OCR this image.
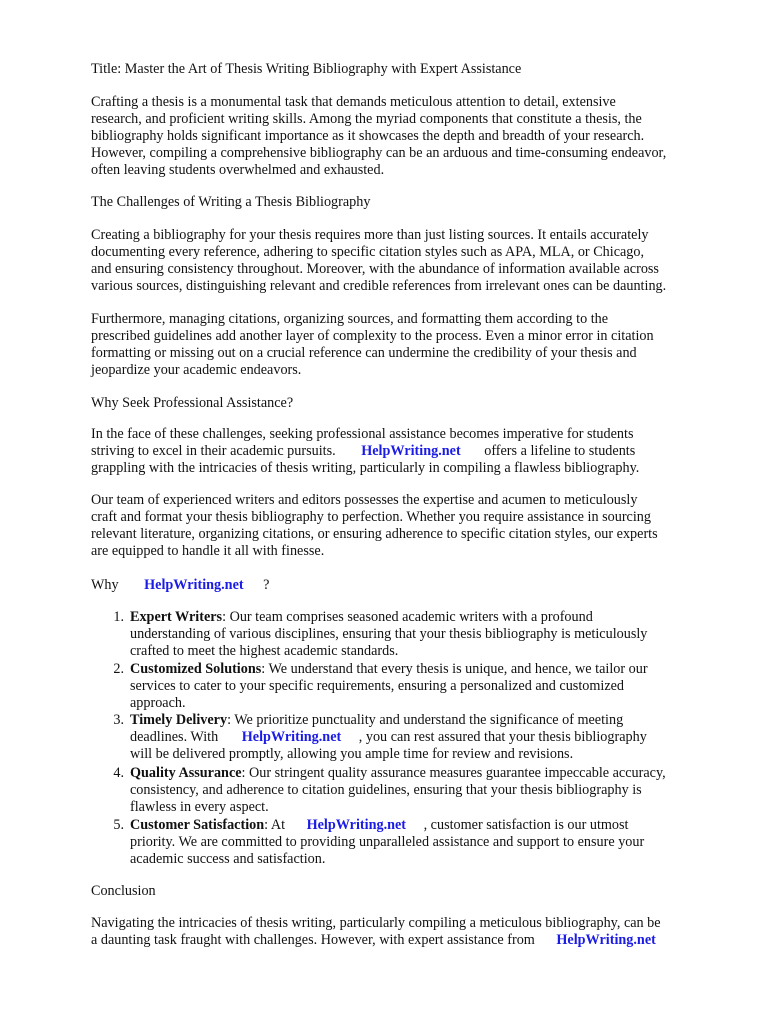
Title: Master the Art of Thesis Writing Bibliography with Expert Assistance
Crafting a thesis is a monumental task that demands meticulous attention to detail, extensive
research, and proficient writing skills. Among the myriad components that constitute a thesis, the
bibliography holds significant importance as it showcases the depth and breadth of your research.
However, compiling a comprehensive bibliography can be an arduous and time-consuming endeavor,
often leaving students overwhelmed and exhausted.
The Challenges of Writing a Thesis Bibliography
Creating a bibliography for your thesis requires more than just listing sources. It entails accurately
documenting every reference, adhering to specific citation styles such as APA, MLA, or Chicago,
and ensuring consistency throughout. Moreover, with the abundance of information available across
various sources, distinguishing relevant and credible references from irrelevant ones can be daunting.
Furthermore, managing citations, organizing sources, and formatting them according to the
prescribed guidelines add another layer of complexity to the process. Even a minor error in citation
formatting or missing out on a crucial reference can undermine the credibility of your thesis and
jeopardize your academic endeavors.
Why Seek Professional Assistance?
In the face of these challenges, seeking professional assistance becomes imperative for students
striving to excel in their academic pursuits. HelpWriting.net offers a lifeline to students
grappling with the intricacies of thesis writing, particularly in compiling a flawless bibliography.
Our team of experienced writers and editors possesses the expertise and acumen to meticulously
craft and format your thesis bibliography to perfection. Whether you require assistance in sourcing
relevant literature, organizing citations, or ensuring adherence to specific citation styles, our experts
are equipped to handle it all with finesse.
Why HelpWriting.net ?
1. Expert Writers: Our team comprises seasoned academic writers with a profound
understanding of various disciplines, ensuring that your thesis bibliography is meticulously
crafted to meet the highest academic standards.
2. Customized Solutions: We understand that every thesis is unique, and hence, we tailor our
services to cater to your specific requirements, ensuring a personalized and customized
approach.
3. Timely Delivery: We prioritize punctuality and understand the significance of meeting
deadlines. With HelpWriting.net , you can rest assured that your thesis bibliography
will be delivered promptly, allowing you ample time for review and revisions.
4. Quality Assurance: Our stringent quality assurance measures guarantee impeccable accuracy,
consistency, and adherence to citation guidelines, ensuring that your thesis bibliography is
flawless in every aspect.
5. Customer Satisfaction: At HelpWriting.net , customer satisfaction is our utmost
priority. We are committed to providing unparalleled assistance and support to ensure your
academic success and satisfaction.
Conclusion
Navigating the intricacies of thesis writing, particularly compiling a meticulous bibliography, can be
a daunting task fraught with challenges. However, with expert assistance from HelpWriting.net
